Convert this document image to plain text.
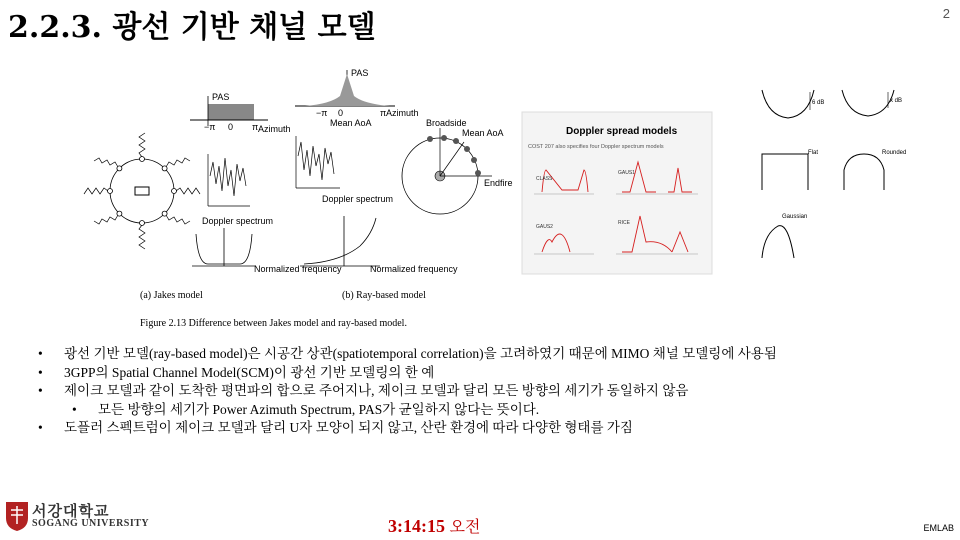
2.2.3. 광선 기반 채널 모델	2
PAS
−π 0 π Azimuth
PAS
−π 0	π Azimuth
Mean AoA
Doppler spectrum
Doppler spectrum
Broadside
Mean AoA
Endfire
Normalized frequency	Normalized frequency
(a) Jakes model	(b) Ray-based model
Figure 2.13 Difference between Jakes model and ray-based model.
Doppler spread models
COST 207 also specifies four Doppler spectrum models
CLASS
GAUS1
GAUS2
RICE
6 dB	x dB
Flat	Rounded
Gaussian
• 광선 기반 모델(ray-based model)은 시공간 상관(spatiotemporal correlation)을 고려하였기 때문에 MIMO 채널 모델링에 사용됨
• 3GPP의 Spatial Channel Model(SCM)이 광선 기반 모델링의 한 예
• 제이크 모델과 같이 도착한 평면파의 합으로 주어지나, 제이크 모델과 달리 모든 방향의 세기가 동일하지 않음
• 모든 방향의 세기가 Power Azimuth Spectrum, PAS가 균일하지 않다는 뜻이다.
• 도플러 스펙트럼이 제이크 모델과 달리 U자 모양이 되지 않고, 산란 환경에 따라 다양한 형태를 가짐
서강대학교
SOGANG UNIVERSITY	3:14:15 오전	EMLAB
